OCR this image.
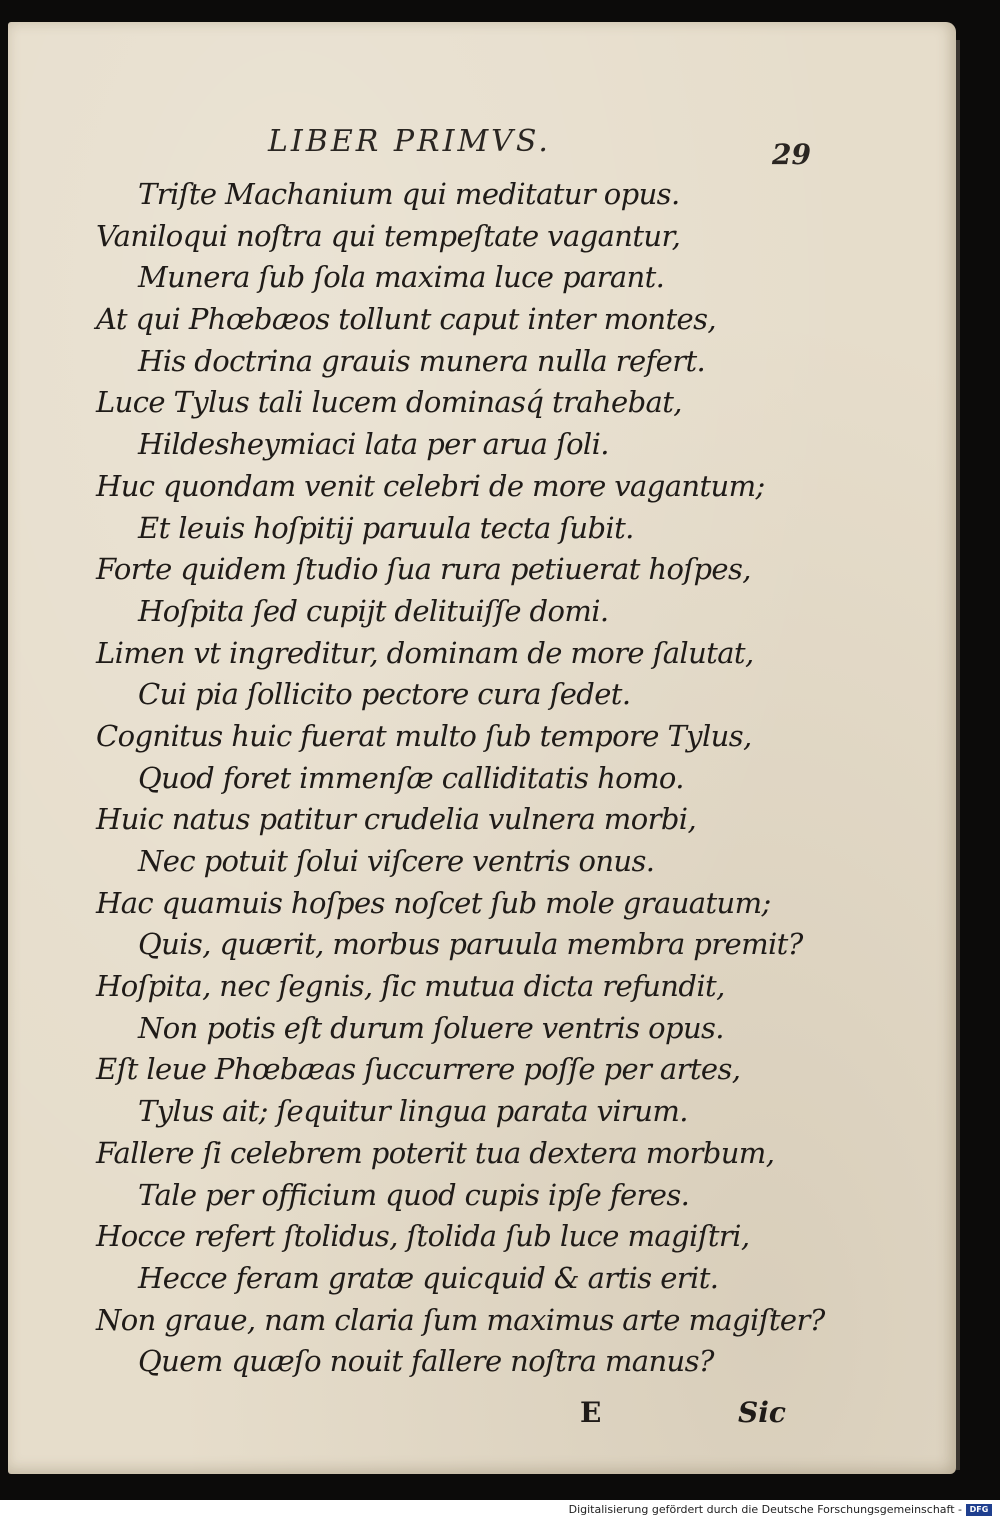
LIBER PRIMVS.	29
Triſte Machanium qui meditatur opus.
Vaniloqui noſtra qui tempeſtate vagantur,
Munera ſub ſola maxima luce parant.
At qui Phœbæos tollunt caput inter montes,
His doctrina grauis munera nulla refert.
Luce Tylus tali lucem dominasq́ trahebat,
Hildesheymiaci lata per arua ſoli.
Huc quondam venit celebri de more vagantum;
Et leuis hoſpitij paruula tecta ſubit.
Forte quidem ſtudio ſua rura petiuerat hoſpes,
Hoſpita ſed cupijt delituiſſe domi.
Limen vt ingreditur, dominam de more ſalutat,
Cui pia ſollicito pectore cura ſedet.
Cognitus huic fuerat multo ſub tempore Tylus,
Quod foret immenſæ calliditatis homo.
Huic natus patitur crudelia vulnera morbi,
Nec potuit ſolui viſcere ventris onus.
Hac quamuis hoſpes noſcet ſub mole grauatum;
Quis, quærit, morbus paruula membra premit?
Hoſpita, nec ſegnis, ſic mutua dicta refundit,
Non potis eſt durum ſoluere ventris opus.
Eſt leue Phœbæas ſuccurrere poſſe per artes,
Tylus ait; ſequitur lingua parata virum.
Fallere ſi celebrem poterit tua dextera morbum,
Tale per officium quod cupis ipſe feres.
Hocce refert ſtolidus, ſtolida ſub luce magiſtri,
Hecce feram gratæ quicquid & artis erit.
Non graue, nam claria ſum maximus arte magiſter?
Quem quæſo nouit fallere noſtra manus?
E	Sic
Digitalisierung gefördert durch die Deutsche Forschungsgemeinschaft - DFG
